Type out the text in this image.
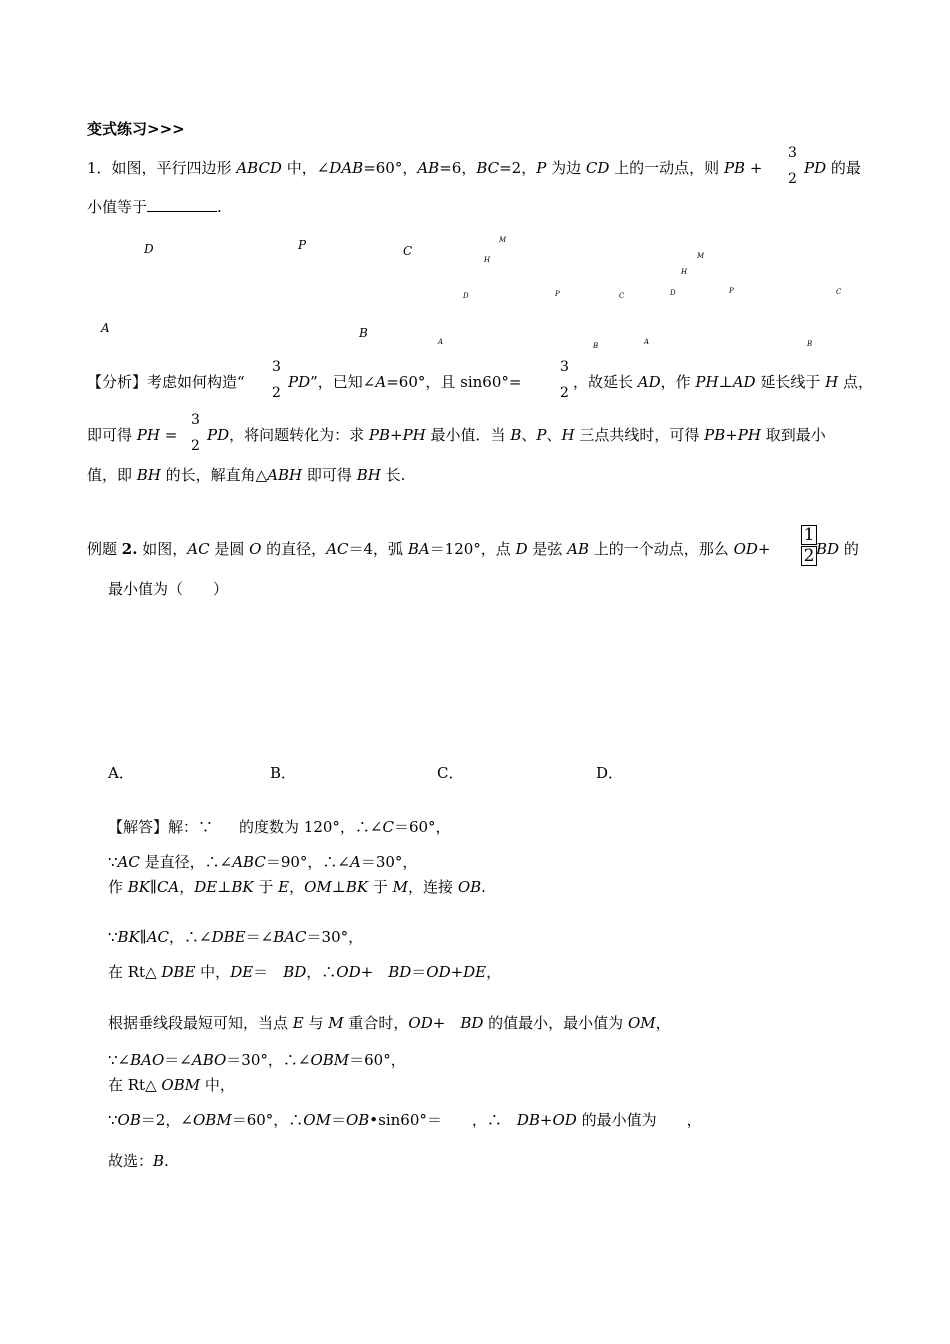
变式练习>>>
1．如图，平行四边形 ABCD 中，∠DAB=60°，AB=6，BC=2，P 为边 CD 上的一动点，则 PB +
3
2
PD 的最
小值等于	.
D	P	C
A	B
M
H
D	P	C
A	B
M
H
D	P	C
A	B
【分析】考虑如何构造“
3
2
PD”，已知∠A=60°，且 sin60°=
3
2
，故延长 AD，作 PH⊥AD 延长线于 H 点，
即可得 PH =
3
2
PD，将问题转化为：求 PB+PH 最小值．当 B、P、H 三点共线时，可得 PB+PH 取到最小
值，即 BH 的长，解直角△ABH 即可得 BH 长.
例题 2. 如图，AC 是圆 O 的直径，AC＝4，弧 BA＝120°，点 D 是弦 AB 上的一个动点，那么 OD+
1
2 BD 的
最小值为（　　）
A．	B．	C．	D．
【解答】解：∵ 的度数为 120°，∴∠C＝60°，
∵AC 是直径，∴∠ABC＝90°，∴∠A＝30°，
作 BK∥CA，DE⊥BK 于 E，OM⊥BK 于 M，连接 OB.
∵BK∥AC，∴∠DBE＝∠BAC＝30°，
在 Rt△ DBE 中，DE＝　BD，∴OD+　 BD＝OD+DE，
根据垂线段最短可知，当点 E 与 M 重合时，OD+　 BD 的值最小，最小值为 OM，
∵∠BAO＝∠ABO＝30°，∴∠OBM＝60°，
在 Rt△ OBM 中，
∵OB＝2，∠OBM＝60°，∴OM＝OB•sin60°＝　　，∴　DB+OD 的最小值为　　，
故选：B.
